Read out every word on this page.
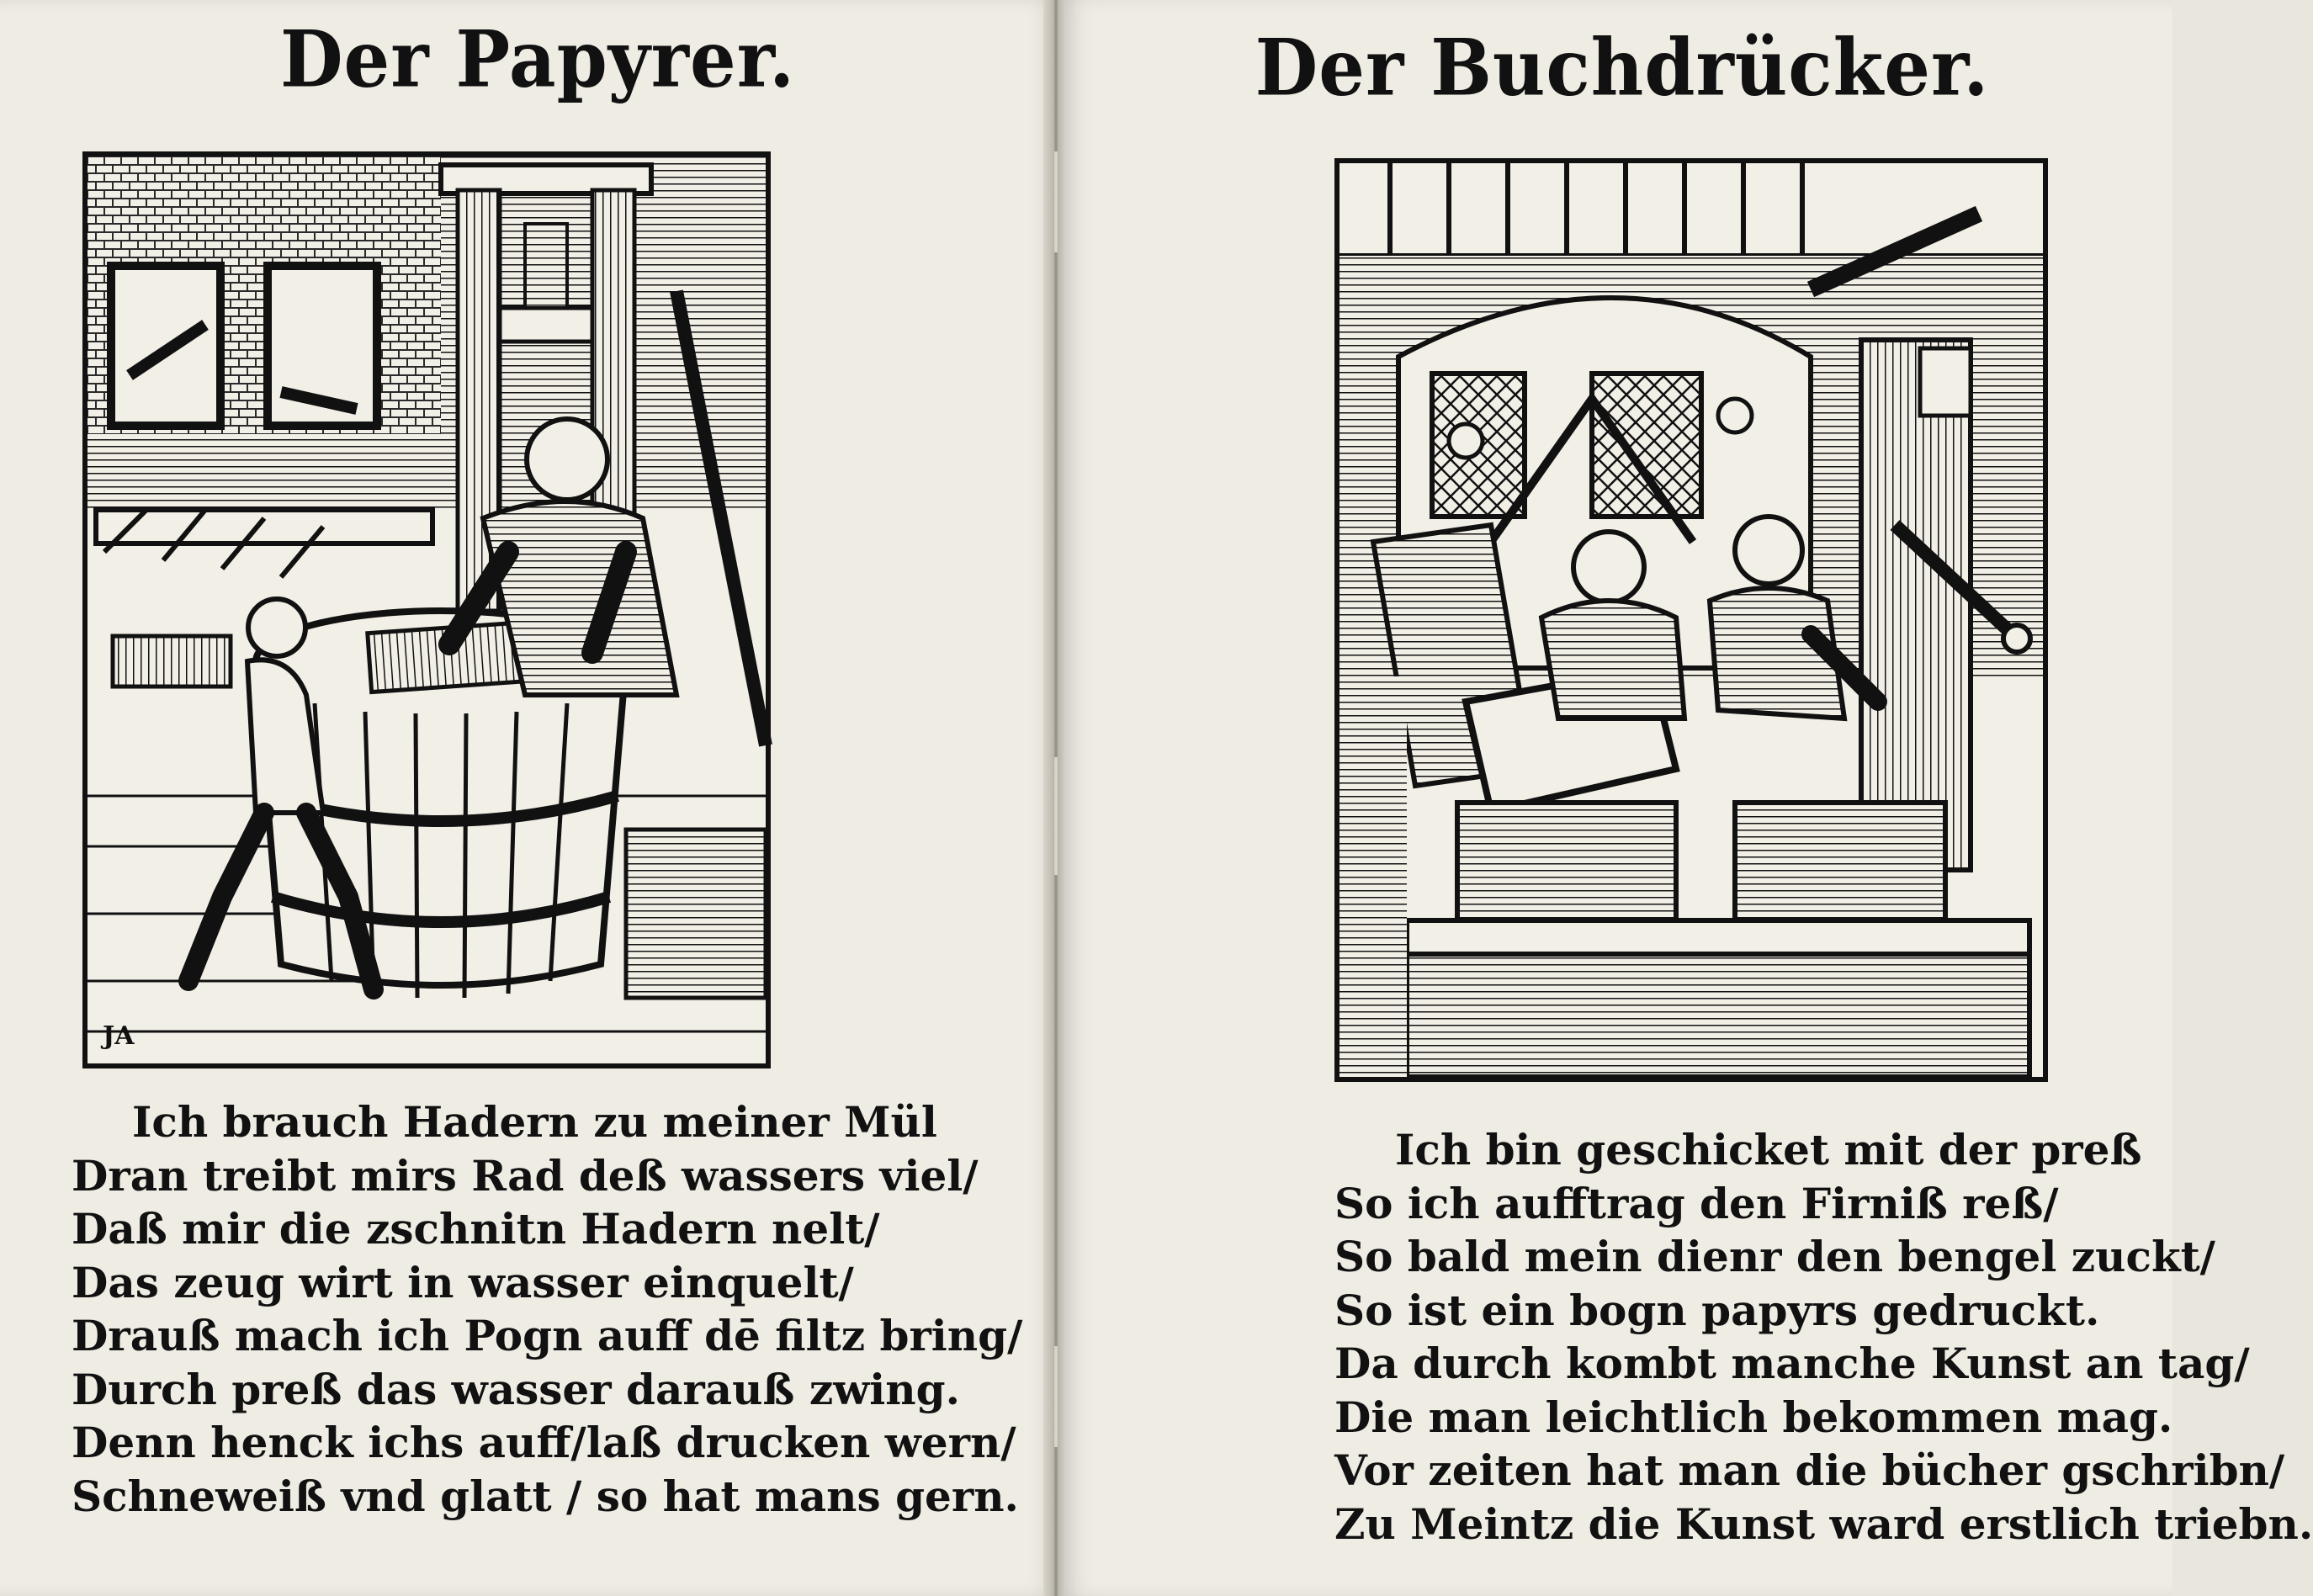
Der Papyrer.
JA
Ich brauch Hadern zu meiner Mül
Dran treibt mirs Rad deß wassers viel/
Daß mir die zschnitn Hadern nelt/
Das zeug wirt in wasser einquelt/
Drauß mach ich Pogn auff dē filtz bring/
Durch preß das wasser darauß zwing.
Denn henck ichs auff/laß drucken wern/
Schneweiß vnd glatt / so hat mans gern.
Der Buchdrücker.
Ich bin geschicket mit der preß
So ich aufftrag den Firniß reß/
So bald mein dienr den bengel zuckt/
So ist ein bogn papyrs gedruckt.
Da durch kombt manche Kunst an tag/
Die man leichtlich bekommen mag.
Vor zeiten hat man die bücher gschribn/
Zu Meintz die Kunst ward erstlich triebn.
